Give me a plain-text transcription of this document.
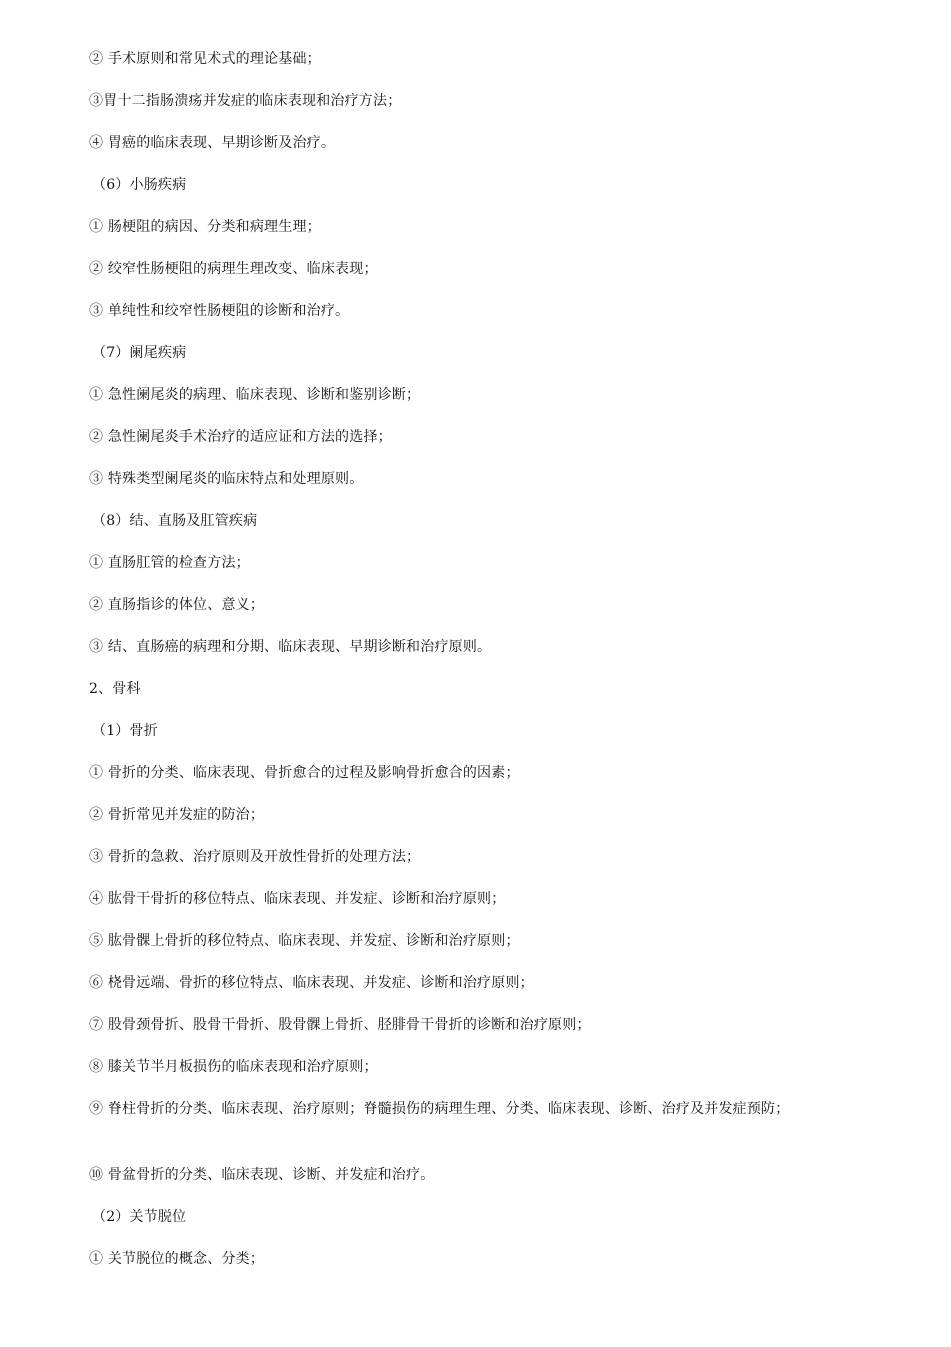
② 手术原则和常见术式的理论基础；
③胃十二指肠溃疡并发症的临床表现和治疗方法；
④ 胃癌的临床表现、早期诊断及治疗。
（6）小肠疾病
① 肠梗阻的病因、分类和病理生理；
② 绞窄性肠梗阻的病理生理改变、临床表现；
③ 单纯性和绞窄性肠梗阻的诊断和治疗。
（7）阑尾疾病
① 急性阑尾炎的病理、临床表现、诊断和鉴别诊断；
② 急性阑尾炎手术治疗的适应证和方法的选择；
③ 特殊类型阑尾炎的临床特点和处理原则。
（8）结、直肠及肛管疾病
① 直肠肛管的检查方法；
② 直肠指诊的体位、意义；
③ 结、直肠癌的病理和分期、临床表现、早期诊断和治疗原则。
2、骨科
（1）骨折
① 骨折的分类、临床表现、骨折愈合的过程及影响骨折愈合的因素；
② 骨折常见并发症的防治；
③ 骨折的急救、治疗原则及开放性骨折的处理方法；
④ 肱骨干骨折的移位特点、临床表现、并发症、诊断和治疗原则；
⑤ 肱骨髁上骨折的移位特点、临床表现、并发症、诊断和治疗原则；
⑥ 桡骨远端、骨折的移位特点、临床表现、并发症、诊断和治疗原则；
⑦ 股骨颈骨折、股骨干骨折、股骨髁上骨折、胫腓骨干骨折的诊断和治疗原则；
⑧ 膝关节半月板损伤的临床表现和治疗原则；
⑨ 脊柱骨折的分类、临床表现、治疗原则；脊髓损伤的病理生理、分类、临床表现、诊断、治疗及并发症预防；
⑩ 骨盆骨折的分类、临床表现、诊断、并发症和治疗。
（2）关节脱位
① 关节脱位的概念、分类；
